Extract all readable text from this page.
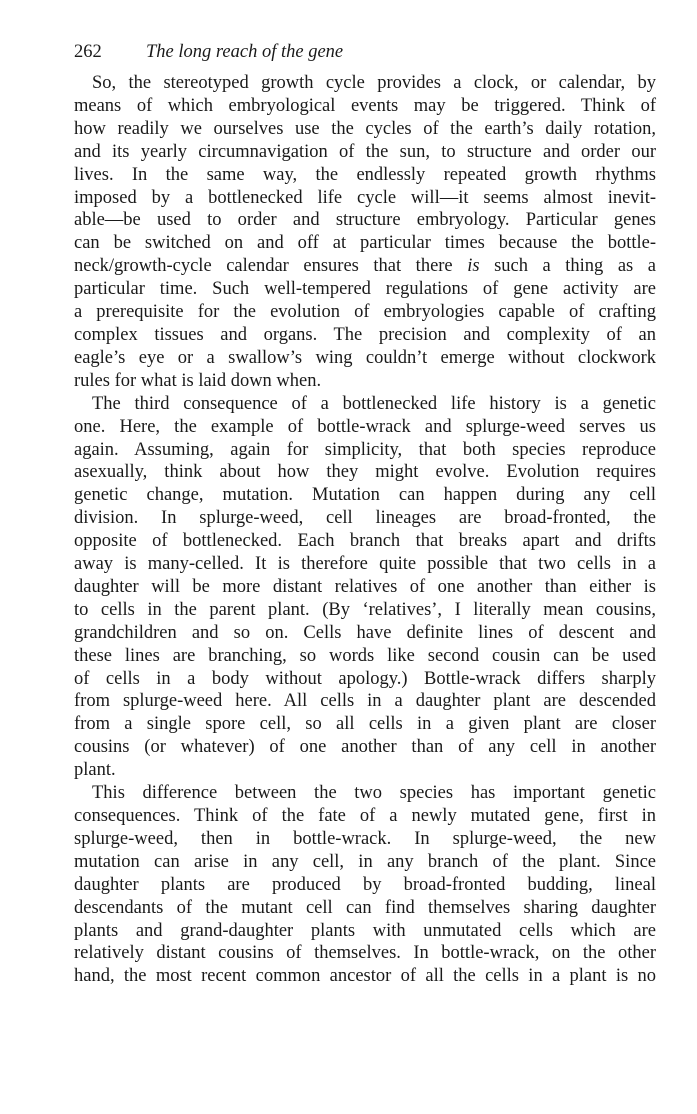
262 The long reach of the gene

So, the stereotyped growth cycle provides a clock, or calendar, by
means of which embryological events may be triggered. Think of
how readily we ourselves use the cycles of the earth’s daily rotation,
and its yearly circumnavigation of the sun, to structure and order our
lives. In the same way, the endlessly repeated growth rhythms
imposed by a bottlenecked life cycle will—it seems almost inevit-
able—be used to order and structure embryology. Particular genes
can be switched on and off at particular times because the bottle-
neck/growth-cycle calendar ensures that there is such a thing as a
particular time. Such well-tempered regulations of gene activity are
a prerequisite for the evolution of embryologies capable of crafting
complex tissues and organs. The precision and complexity of an
eagle’s eye or a swallow’s wing couldn’t emerge without clockwork
rules for what is laid down when.

The third consequence of a bottlenecked life history is a genetic
one. Here, the example of bottle-wrack and splurge-weed serves us
again. Assuming, again for simplicity, that both species reproduce
asexually, think about how they might evolve. Evolution requires
genetic change, mutation. Mutation can happen during any cell
division. In splurge-weed, cell lineages are broad-fronted, the
opposite of bottlenecked. Each branch that breaks apart and drifts
away is many-celled. It is therefore quite possible that two cells in a
daughter will be more distant relatives of one another than either is
to cells in the parent plant. (By ‘relatives’, I literally mean cousins,
grandchildren and so on. Cells have definite lines of descent and
these lines are branching, so words like second cousin can be used
of cells in a body without apology.) Bottle-wrack differs sharply
from splurge-weed here. All cells in a daughter plant are descended
from a single spore cell, so all cells in a given plant are closer
cousins (or whatever) of one another than of any cell in another
plant.

This difference between the two species has important genetic
consequences. Think of the fate of a newly mutated gene, first in
splurge-weed, then in bottle-wrack. In splurge-weed, the new
mutation can arise in any cell, in any branch of the plant. Since
daughter plants are produced by broad-fronted budding, lineal
descendants of the mutant cell can find themselves sharing daughter
plants and grand-daughter plants with unmutated cells which are
relatively distant cousins of themselves. In bottle-wrack, on the other
hand, the most recent common ancestor of all the cells in a plant is no
